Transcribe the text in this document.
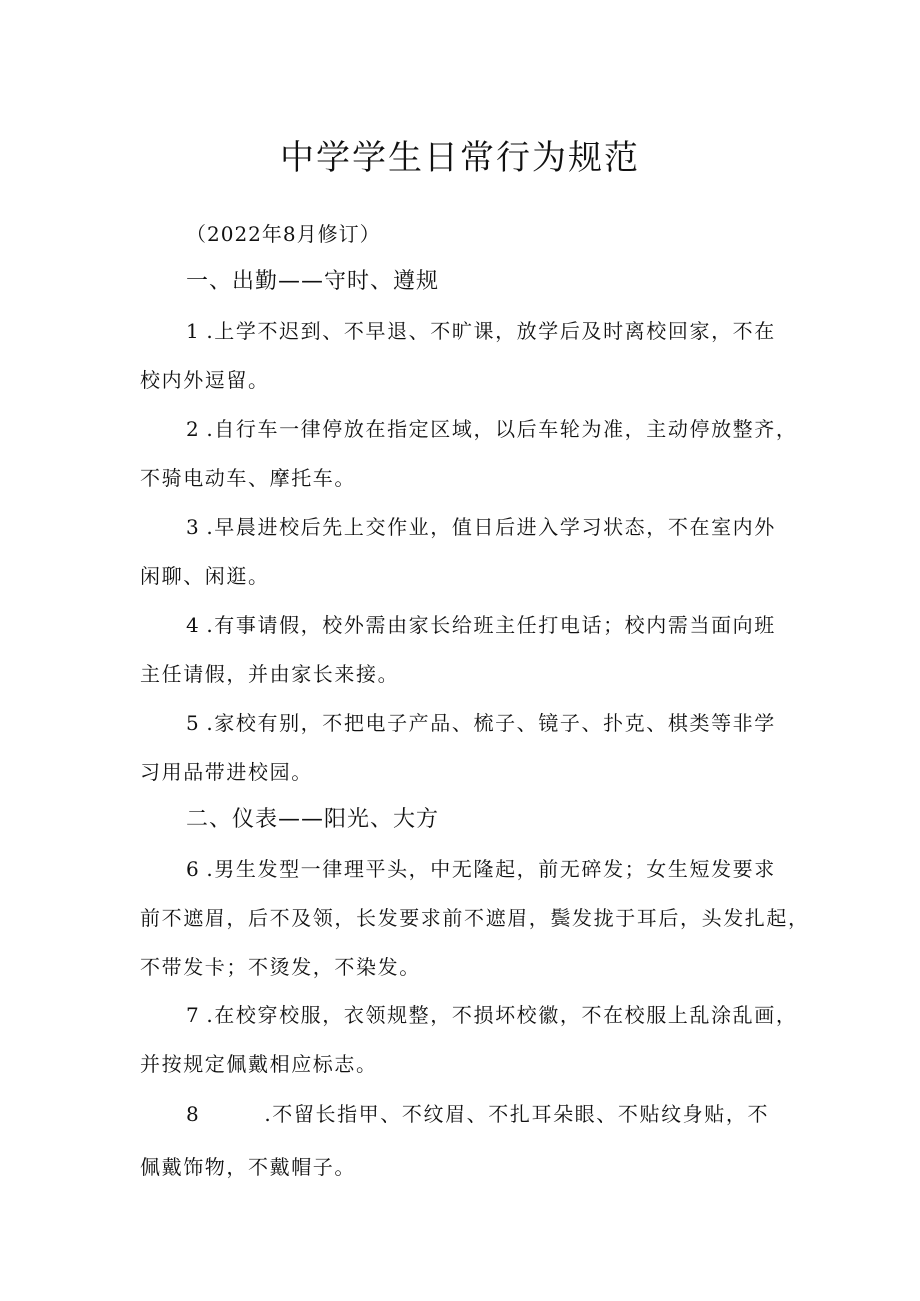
中学学生日常行为规范
（2022年8月修订）
一、出勤——守时、遵规

1 .上学不迟到、不早退、不旷课，放学后及时离校回家，不在
校内外逗留。

2 .自行车一律停放在指定区域，以后车轮为准，主动停放整齐，
不骑电动车、摩托车。

3 .早晨进校后先上交作业，值日后进入学习状态，不在室内外
闲聊、闲逛。

4 .有事请假，校外需由家长给班主任打电话；校内需当面向班
主任请假，并由家长来接。

5 .家校有别，不把电子产品、梳子、镜子、扑克、棋类等非学
习用品带进校园。

二、仪表——阳光、大方

6 .男生发型一律理平头，中无隆起，前无碎发；女生短发要求
前不遮眉，后不及领，长发要求前不遮眉，鬓发拢于耳后，头发扎起，
不带发卡；不烫发，不染发。

7 .在校穿校服，衣领规整，不损坏校徽，不在校服上乱涂乱画，
并按规定佩戴相应标志。

8	.不留长指甲、不纹眉、不扎耳朵眼、不贴纹身贴，不
佩戴饰物，不戴帽子。
